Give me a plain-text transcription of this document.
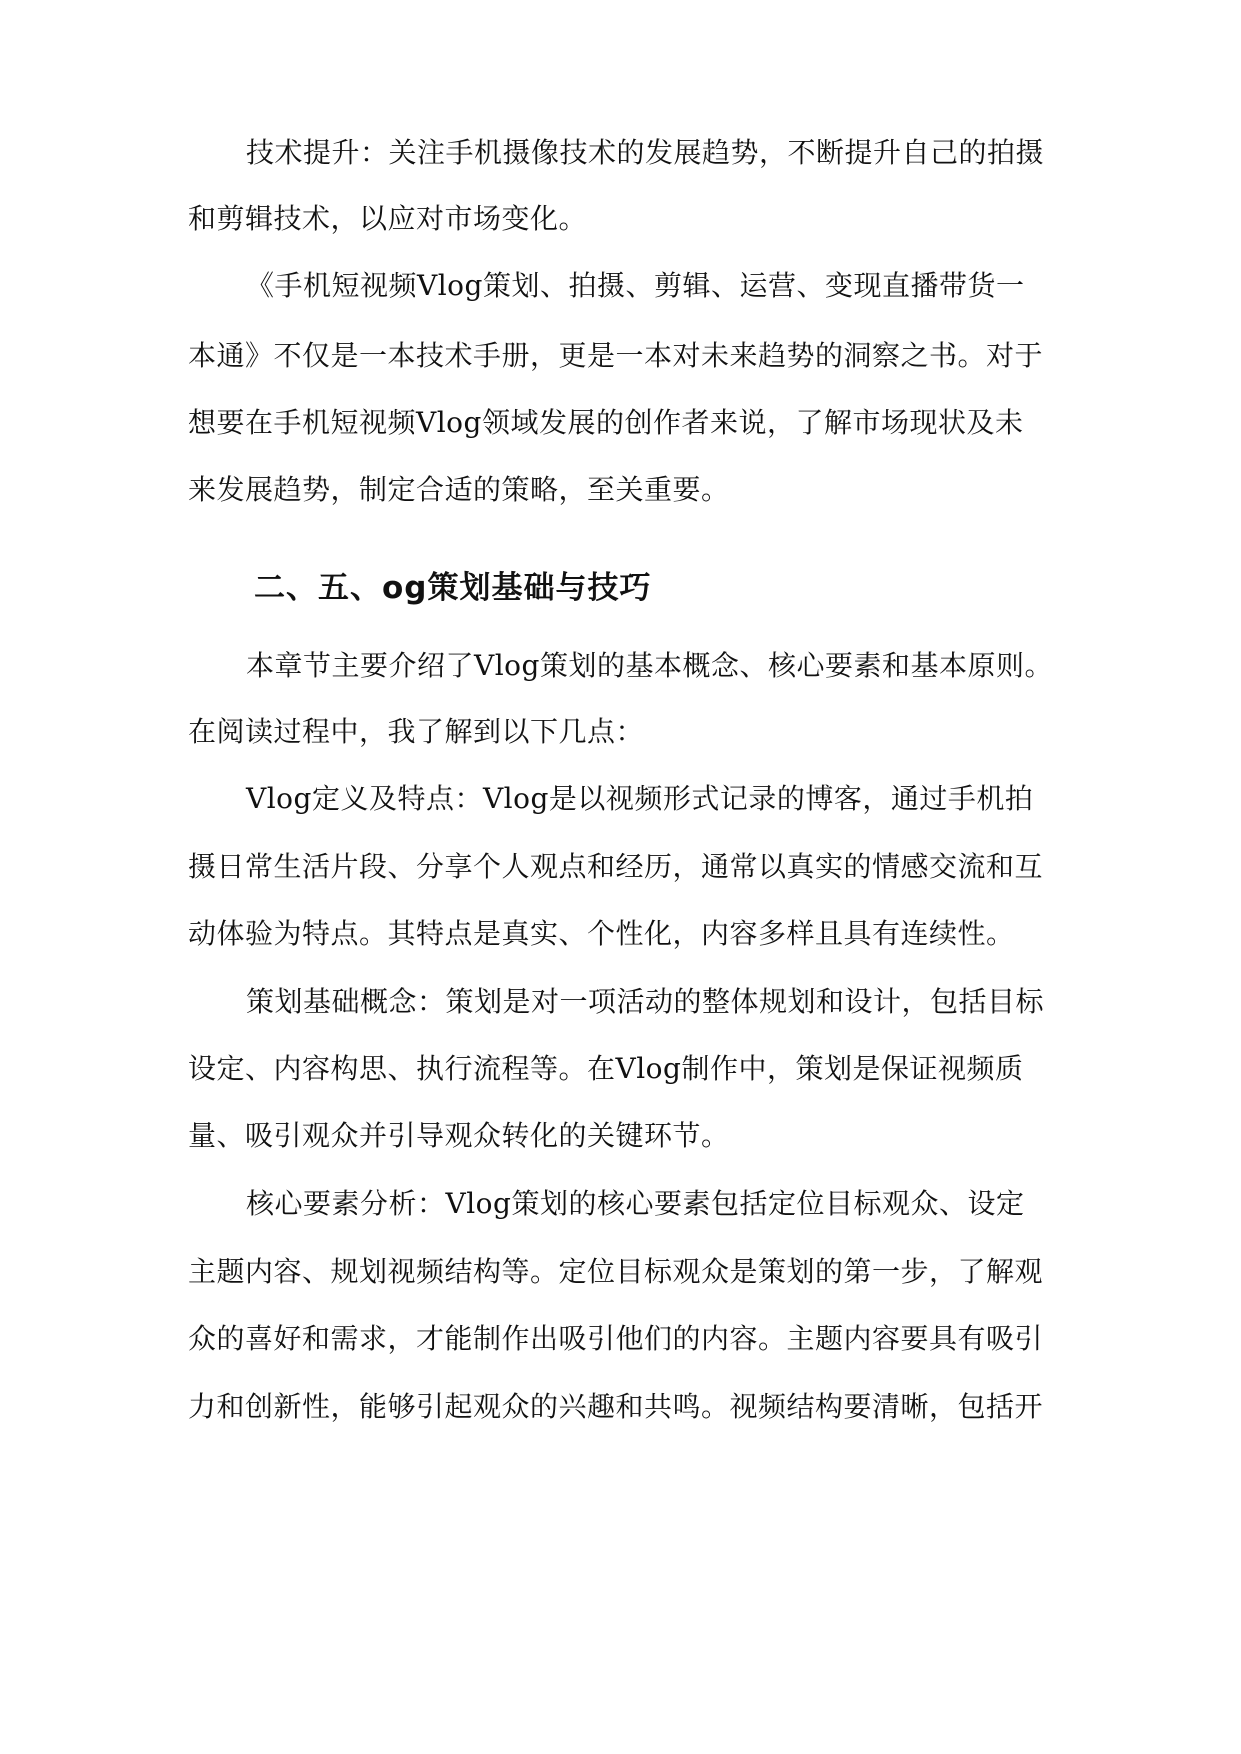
技术提升：关注手机摄像技术的发展趋势，不断提升自己的拍摄
和剪辑技术，以应对市场变化。
《手机短视频Vlog策划、拍摄、剪辑、运营、变现直播带货一
本通》不仅是一本技术手册，更是一本对未来趋势的洞察之书。对于
想要在手机短视频Vlog领域发展的创作者来说，了解市场现状及未
来发展趋势，制定合适的策略，至关重要。
二、五、og策划基础与技巧
本章节主要介绍了Vlog策划的基本概念、核心要素和基本原则。
在阅读过程中，我了解到以下几点：
Vlog定义及特点：Vlog是以视频形式记录的博客，通过手机拍
摄日常生活片段、分享个人观点和经历，通常以真实的情感交流和互
动体验为特点。其特点是真实、个性化，内容多样且具有连续性。
策划基础概念：策划是对一项活动的整体规划和设计，包括目标
设定、内容构思、执行流程等。在Vlog制作中，策划是保证视频质
量、吸引观众并引导观众转化的关键环节。
核心要素分析：Vlog策划的核心要素包括定位目标观众、设定
主题内容、规划视频结构等。定位目标观众是策划的第一步，了解观
众的喜好和需求，才能制作出吸引他们的内容。主题内容要具有吸引
力和创新性，能够引起观众的兴趣和共鸣。视频结构要清晰，包括开
